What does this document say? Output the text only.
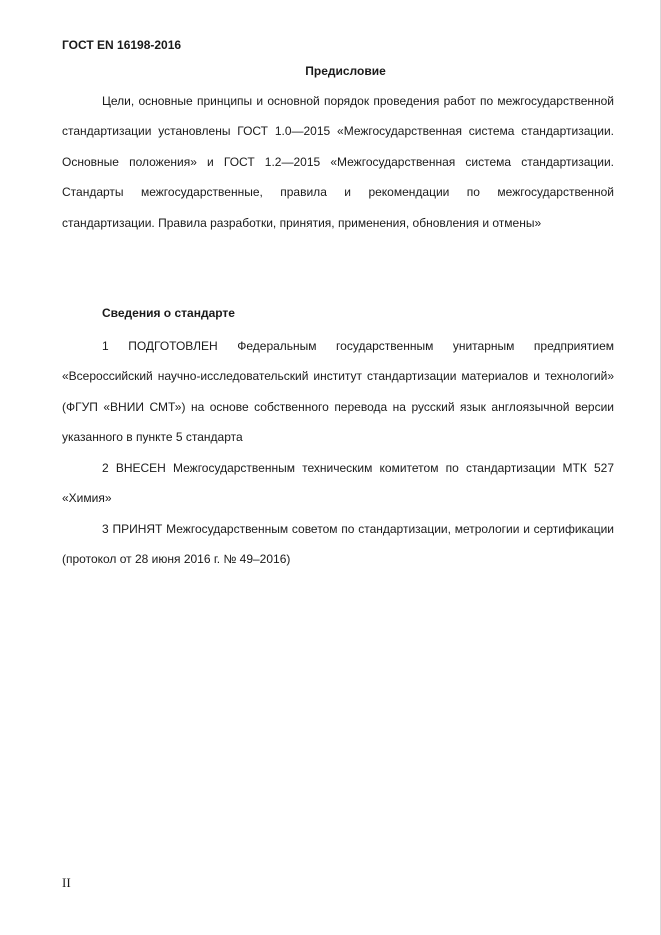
ГОСТ EN 16198-2016
Предисловие
Цели, основные принципы и основной порядок проведения работ по межгосударственной стандартизации установлены ГОСТ 1.0—2015 «Межгосударственная система стандартизации. Основные положения» и ГОСТ 1.2—2015 «Межгосударственная система стандартизации. Стандарты межгосударственные, правила и рекомендации по межгосударственной стандартизации. Правила разработки, принятия, применения, обновления и отмены»
Сведения о стандарте
1 ПОДГОТОВЛЕН Федеральным государственным унитарным предприятием «Всероссийский научно-исследовательский институт стандартизации материалов и технологий» (ФГУП «ВНИИ СМТ») на основе собственного перевода на русский язык англоязычной версии указанного в пункте 5 стандарта
2 ВНЕСЕН Межгосударственным техническим комитетом по стандартизации МТК 527 «Химия»
3 ПРИНЯТ Межгосударственным советом по стандартизации, метрологии и сертификации (протокол от 28 июня 2016 г. № 49–2016)
II
